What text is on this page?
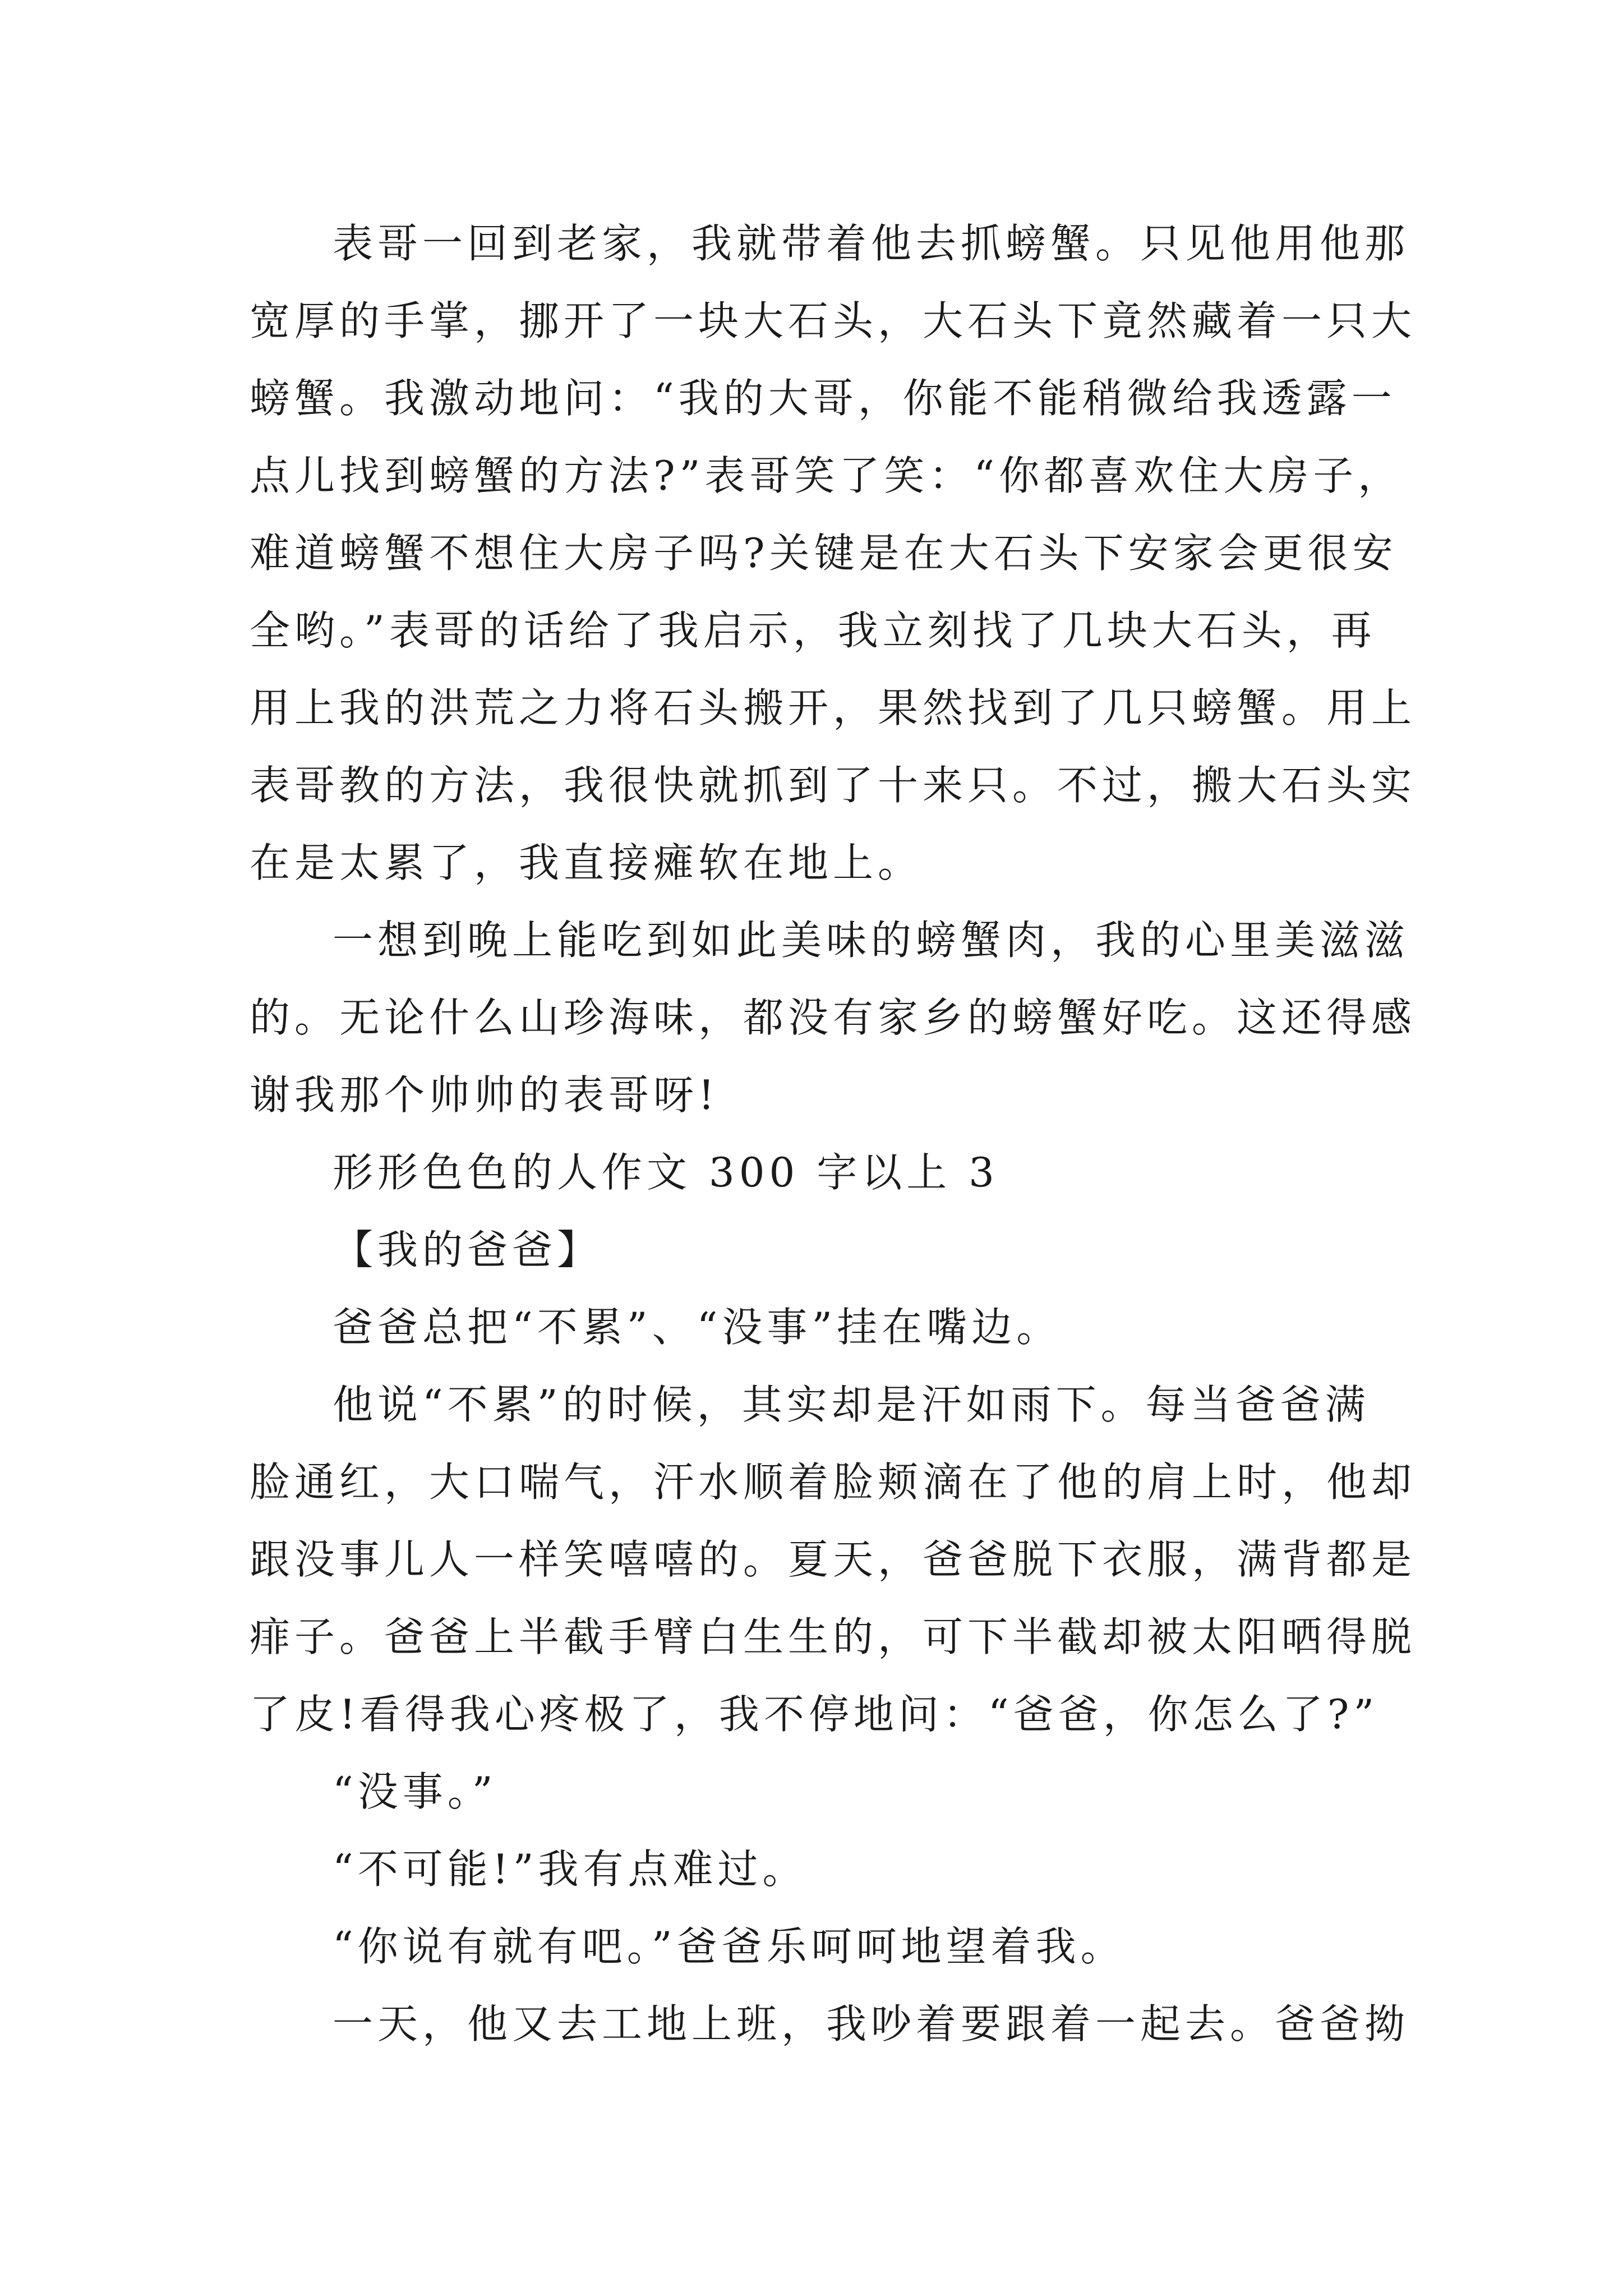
表哥一回到老家，我就带着他去抓螃蟹。只见他用他那
宽厚的手掌，挪开了一块大石头，大石头下竟然藏着一只大
螃蟹。我激动地问：“我的大哥，你能不能稍微给我透露一
点儿找到螃蟹的方法?”表哥笑了笑：“你都喜欢住大房子，
难道螃蟹不想住大房子吗?关键是在大石头下安家会更很安
全哟。”表哥的话给了我启示，我立刻找了几块大石头，再
用上我的洪荒之力将石头搬开，果然找到了几只螃蟹。用上
表哥教的方法，我很快就抓到了十来只。不过，搬大石头实
在是太累了，我直接瘫软在地上。
一想到晚上能吃到如此美味的螃蟹肉，我的心里美滋滋
的。无论什么山珍海味，都没有家乡的螃蟹好吃。这还得感
谢我那个帅帅的表哥呀!
形形色色的人作文 300 字以上 3
【我的爸爸】
爸爸总把“不累”、“没事”挂在嘴边。
他说“不累”的时候，其实却是汗如雨下。每当爸爸满
脸通红，大口喘气，汗水顺着脸颊滴在了他的肩上时，他却
跟没事儿人一样笑嘻嘻的。夏天，爸爸脱下衣服，满背都是
痱子。爸爸上半截手臂白生生的，可下半截却被太阳晒得脱
了皮!看得我心疼极了，我不停地问：“爸爸，你怎么了?”
“没事。”
“不可能!”我有点难过。
“你说有就有吧。”爸爸乐呵呵地望着我。
一天，他又去工地上班，我吵着要跟着一起去。爸爸拗
